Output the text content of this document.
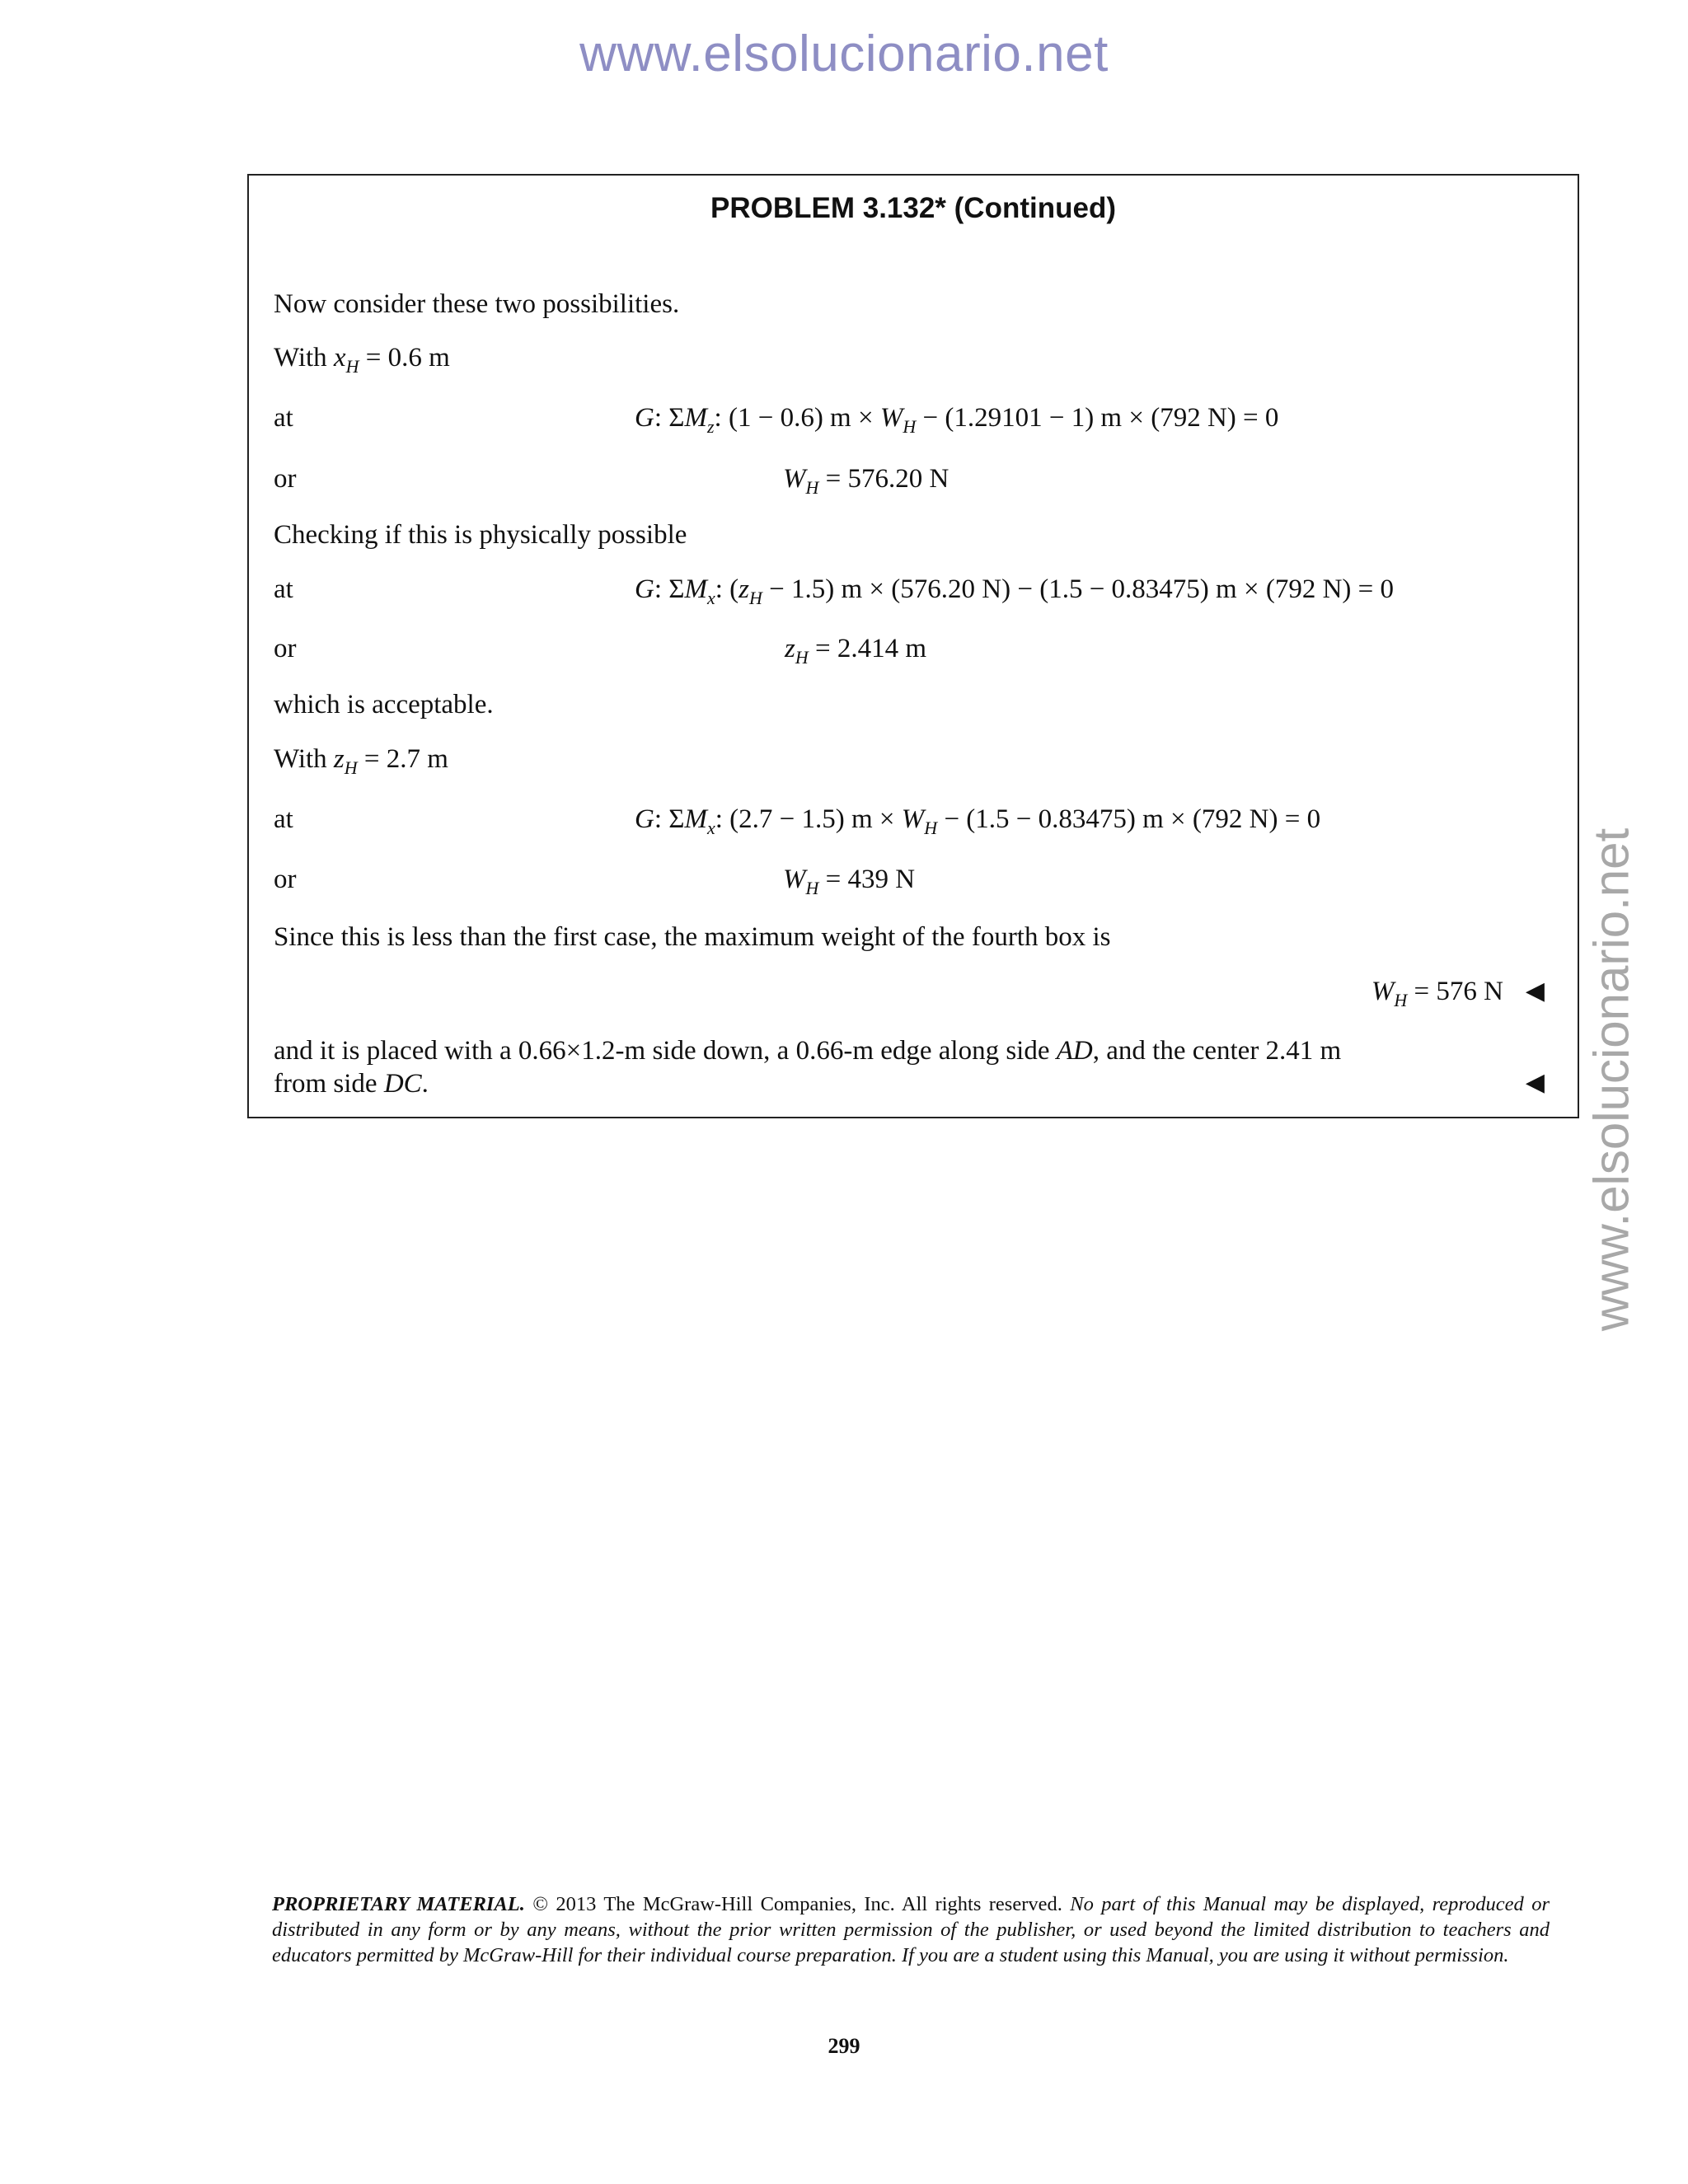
www.elsolucionario.net
www.elsolucionario.net
PROBLEM 3.132* (Continued)
Now consider these two possibilities.
With $x_H = 0.6$ m
at	G: $\Sigma M_z$: (1 − 0.6) $m \times W_H - (1.29101 - 1) m \times (792$ N) = 0
or	$W_H = 576.20$ N
Checking if this is physically possible
at	G: $\Sigma M_x$: $(z_H - 1.5) m \times (576.20$ N) − (1.5 − 0.83475) m × (792 N) = 0
or	$z_H = 2.414$ m
which is acceptable.
With $z_H = 2.7$ m
at	G: $\Sigma M_x$: (2.7 − 1.5) $m \times W_H - (1.5 - 0.83475) m \times (792$ N) = 0
or	$W_H = 439$ N
Since this is less than the first case, the maximum weight of the fourth box is
$W_H = 576$ N ◀
and it is placed with a 0.66×1.2-m side down, a 0.66-m edge along side AD, and the center 2.41 m
from side DC.	◀
PROPRIETARY MATERIAL. © 2013 The McGraw-Hill Companies, Inc. All rights reserved. No part of this Manual may be displayed, reproduced or distributed in any form or by any means, without the prior written permission of the publisher, or used beyond the limited distribution to teachers and educators permitted by McGraw-Hill for their individual course preparation. If you are a student using this Manual, you are using it without permission.
299
